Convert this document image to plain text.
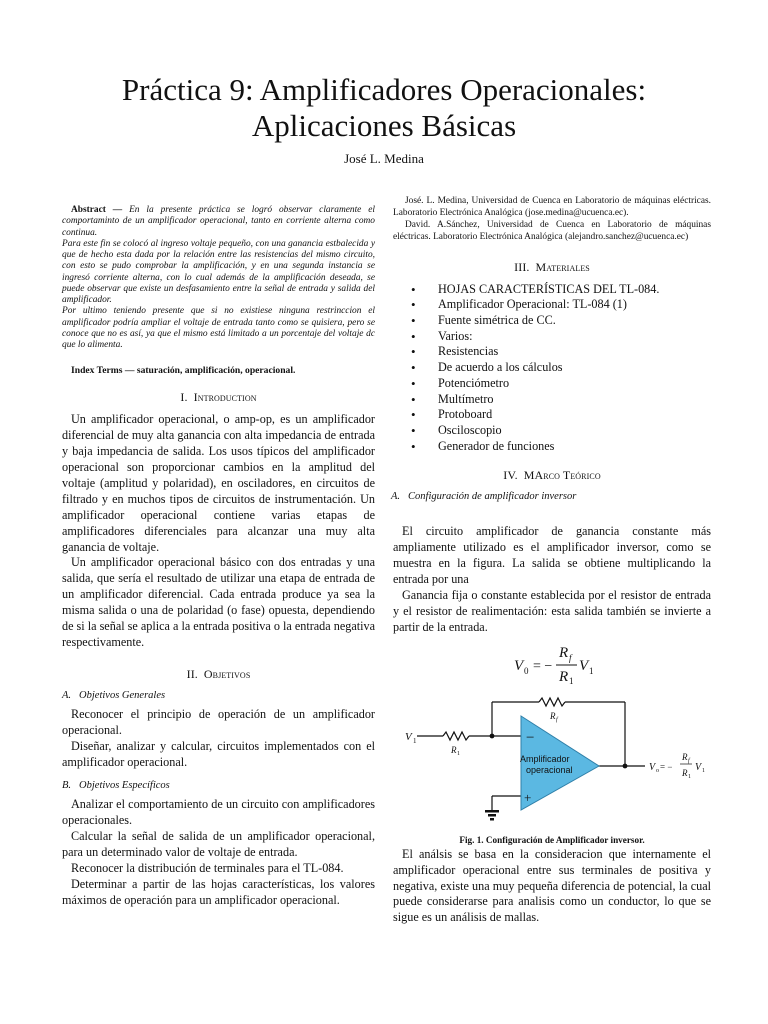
Práctica 9: Amplificadores Operacionales:
Aplicaciones Básicas
José L. Medina

Abstract — En la presente práctica se logró observar claramente el comportaminto de un amplificador operacional, tanto en corriente alterna como continua.

Para este fin se colocó al ingreso voltaje pequeño, con una ganancia estbalecida y que de hecho esta dada por la relación entre las resistencias del mismo circuito, con esto se pudo comprobar la amplificación, y en una segunda instancia se ingresó corriente alterna, con lo cual además de la amplificación deseada, se puede observar que existe un desfasamiento entre la señal de entrada y salida del amplificador.

Por ultimo teniendo presente que si no existiese ninguna restrinccion el amplificador podría ampliar el voltaje de entrada tanto como se quisiera, pero se conoce que no es así, ya que el mismo está limitado a un porcentaje del voltaje dc que lo alimenta.

Index Terms — saturación, amplificación, operacional.
I. Introduction

Un amplificador operacional, o amp-op, es un amplificador diferencial de muy alta ganancia con alta impedancia de entrada y baja impedancia de salida. Los usos típicos del amplificador operacional son proporcionar cambios en la amplitud del voltaje (amplitud y polaridad), en osciladores, en circuitos de filtrado y en muchos tipos de circuitos de instrumentación. Un amplificador operacional contiene varias etapas de amplificadores diferenciales para alcanzar una muy alta ganancia de voltaje.

Un amplificador operacional básico con dos entradas y una salida, que sería el resultado de utilizar una etapa de entrada de un amplificador diferencial. Cada entrada produce ya sea la misma salida o una de polaridad (o fase) opuesta, dependiendo de si la señal se aplica a la entrada positiva o la entrada negativa respectivamente.

II. Objetivos
A. Objetivos Generales

Reconocer el principio de operación de un amplificador operacional.

Diseñar, analizar y calcular, circuitos implementados con el amplificador operacional.

B. Objetivos Específicos

Analizar el comportamiento de un circuito con amplificadores operacionales.

Calcular la señal de salida de un amplificador operacional, para un determinado valor de voltaje de entrada.

Reconocer la distribución de terminales para el TL-084.

Determinar a partir de las hojas características, los valores máximos de operación para un amplificador operacional.

José. L. Medina, Universidad de Cuenca en Laboratorio de máquinas eléctricas. Laboratorio Electrónica Analógica (jose.medina@ucuenca.ec).

David. A.Sánchez, Universidad de Cuenca en Laboratorio de máquinas eléctricas. Laboratorio Electrónica Analógica (alejandro.sanchez@ucuenca.ec)

III. Materiales
• HOJAS CARACTERÍSTICAS DEL TL-084.
• Amplificador Operacional: TL-084 (1)
• Fuente simétrica de CC.
• Varios:
• Resistencias
• De acuerdo a los cálculos
• Potenciómetro
• Multímetro
• Protoboard
• Osciloscopio
• Generador de funciones
IV. MArco Teórico
A. Configuración de amplificador inversor

El circuito amplificador de ganancia constante más ampliamente utilizado es el amplificador inversor, como se muestra en la figura. La salida se obtiene multiplicando la entrada por una

Ganancia fija o constante establecida por el resistor de entrada y el resistor de realimentación: esta salida también se invierte a partir de la entrada.

V 0 = −
R f
R 1
V 1
−
+
Amplificador
operacional
V 1
R 1
R f
V o = −
R f
R 1
V 1
Fig. 1. Configuración de Amplificador inversor.

El análsis se basa en la consideracion que internamente el amplificador operacional entre sus terminales de positiva y negativa, existe una muy pequeña diferencia de potencial, la cual puede considerarse para analisis como un conductor, lo que se sigue es un análisis de mallas.
